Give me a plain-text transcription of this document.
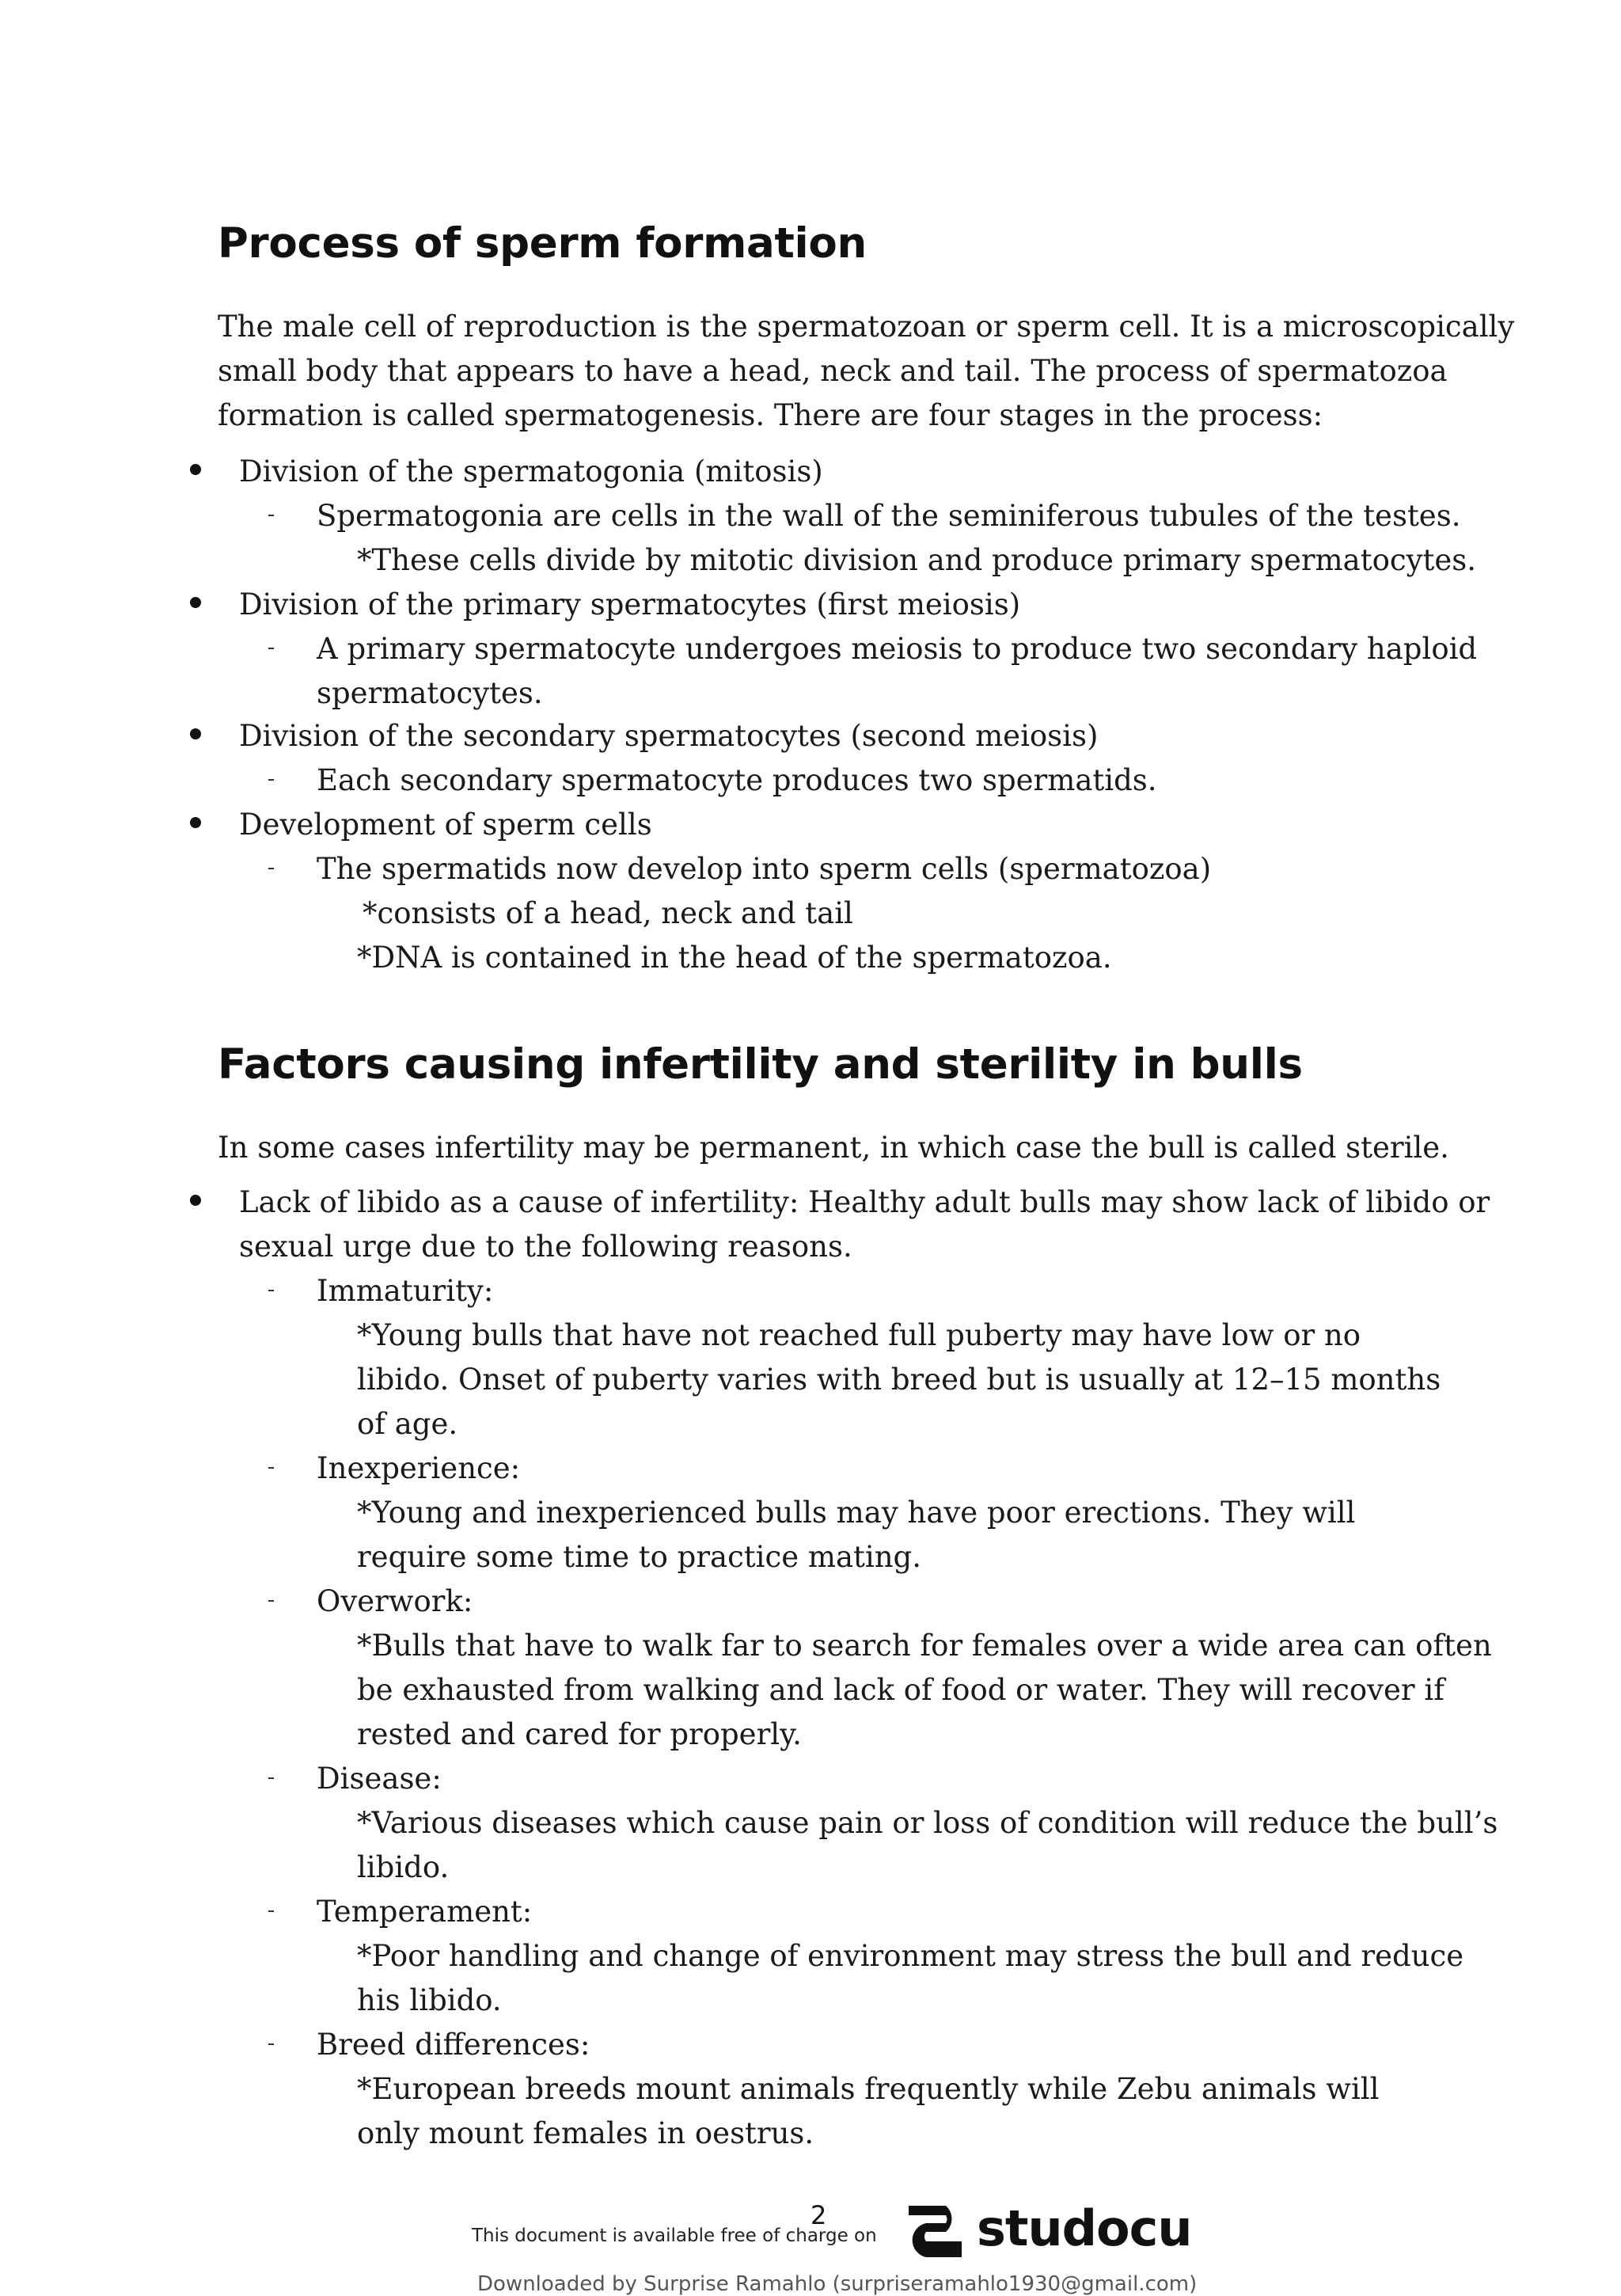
Process of sperm formation
The male cell of reproduction is the spermatozoan or sperm cell. It is a microscopically
small body that appears to have a head, neck and tail. The process of spermatozoa
formation is called spermatogenesis. There are four stages in the process:
Division of the spermatogonia (mitosis)
Spermatogonia are cells in the wall of the seminiferous tubules of the testes.
*These cells divide by mitotic division and produce primary spermatocytes.
Division of the primary spermatocytes (first meiosis)
A primary spermatocyte undergoes meiosis to produce two secondary haploid
spermatocytes.
Division of the secondary spermatocytes (second meiosis)
Each secondary spermatocyte produces two spermatids.
Development of sperm cells
The spermatids now develop into sperm cells (spermatozoa)
*consists of a head, neck and tail
*DNA is contained in the head of the spermatozoa.
Factors causing infertility and sterility in bulls
In some cases infertility may be permanent, in which case the bull is called sterile.
Lack of libido as a cause of infertility: Healthy adult bulls may show lack of libido or
sexual urge due to the following reasons.
Immaturity:
*Young bulls that have not reached full puberty may have low or no
libido. Onset of puberty varies with breed but is usually at 12–15 months
of age.
Inexperience:
*Young and inexperienced bulls may have poor erections. They will
require some time to practice mating.
Overwork:
*Bulls that have to walk far to search for females over a wide area can often
be exhausted from walking and lack of food or water. They will recover if
rested and cared for properly.
Disease:
*Various diseases which cause pain or loss of condition will reduce the bull’s
libido.
Temperament:
*Poor handling and change of environment may stress the bull and reduce
his libido.
Breed differences:
*European breeds mount animals frequently while Zebu animals will
only mount females in oestrus.
2
This document is available free of charge on studocu
Downloaded by Surprise Ramahlo (surpriseramahlo1930@gmail.com)
